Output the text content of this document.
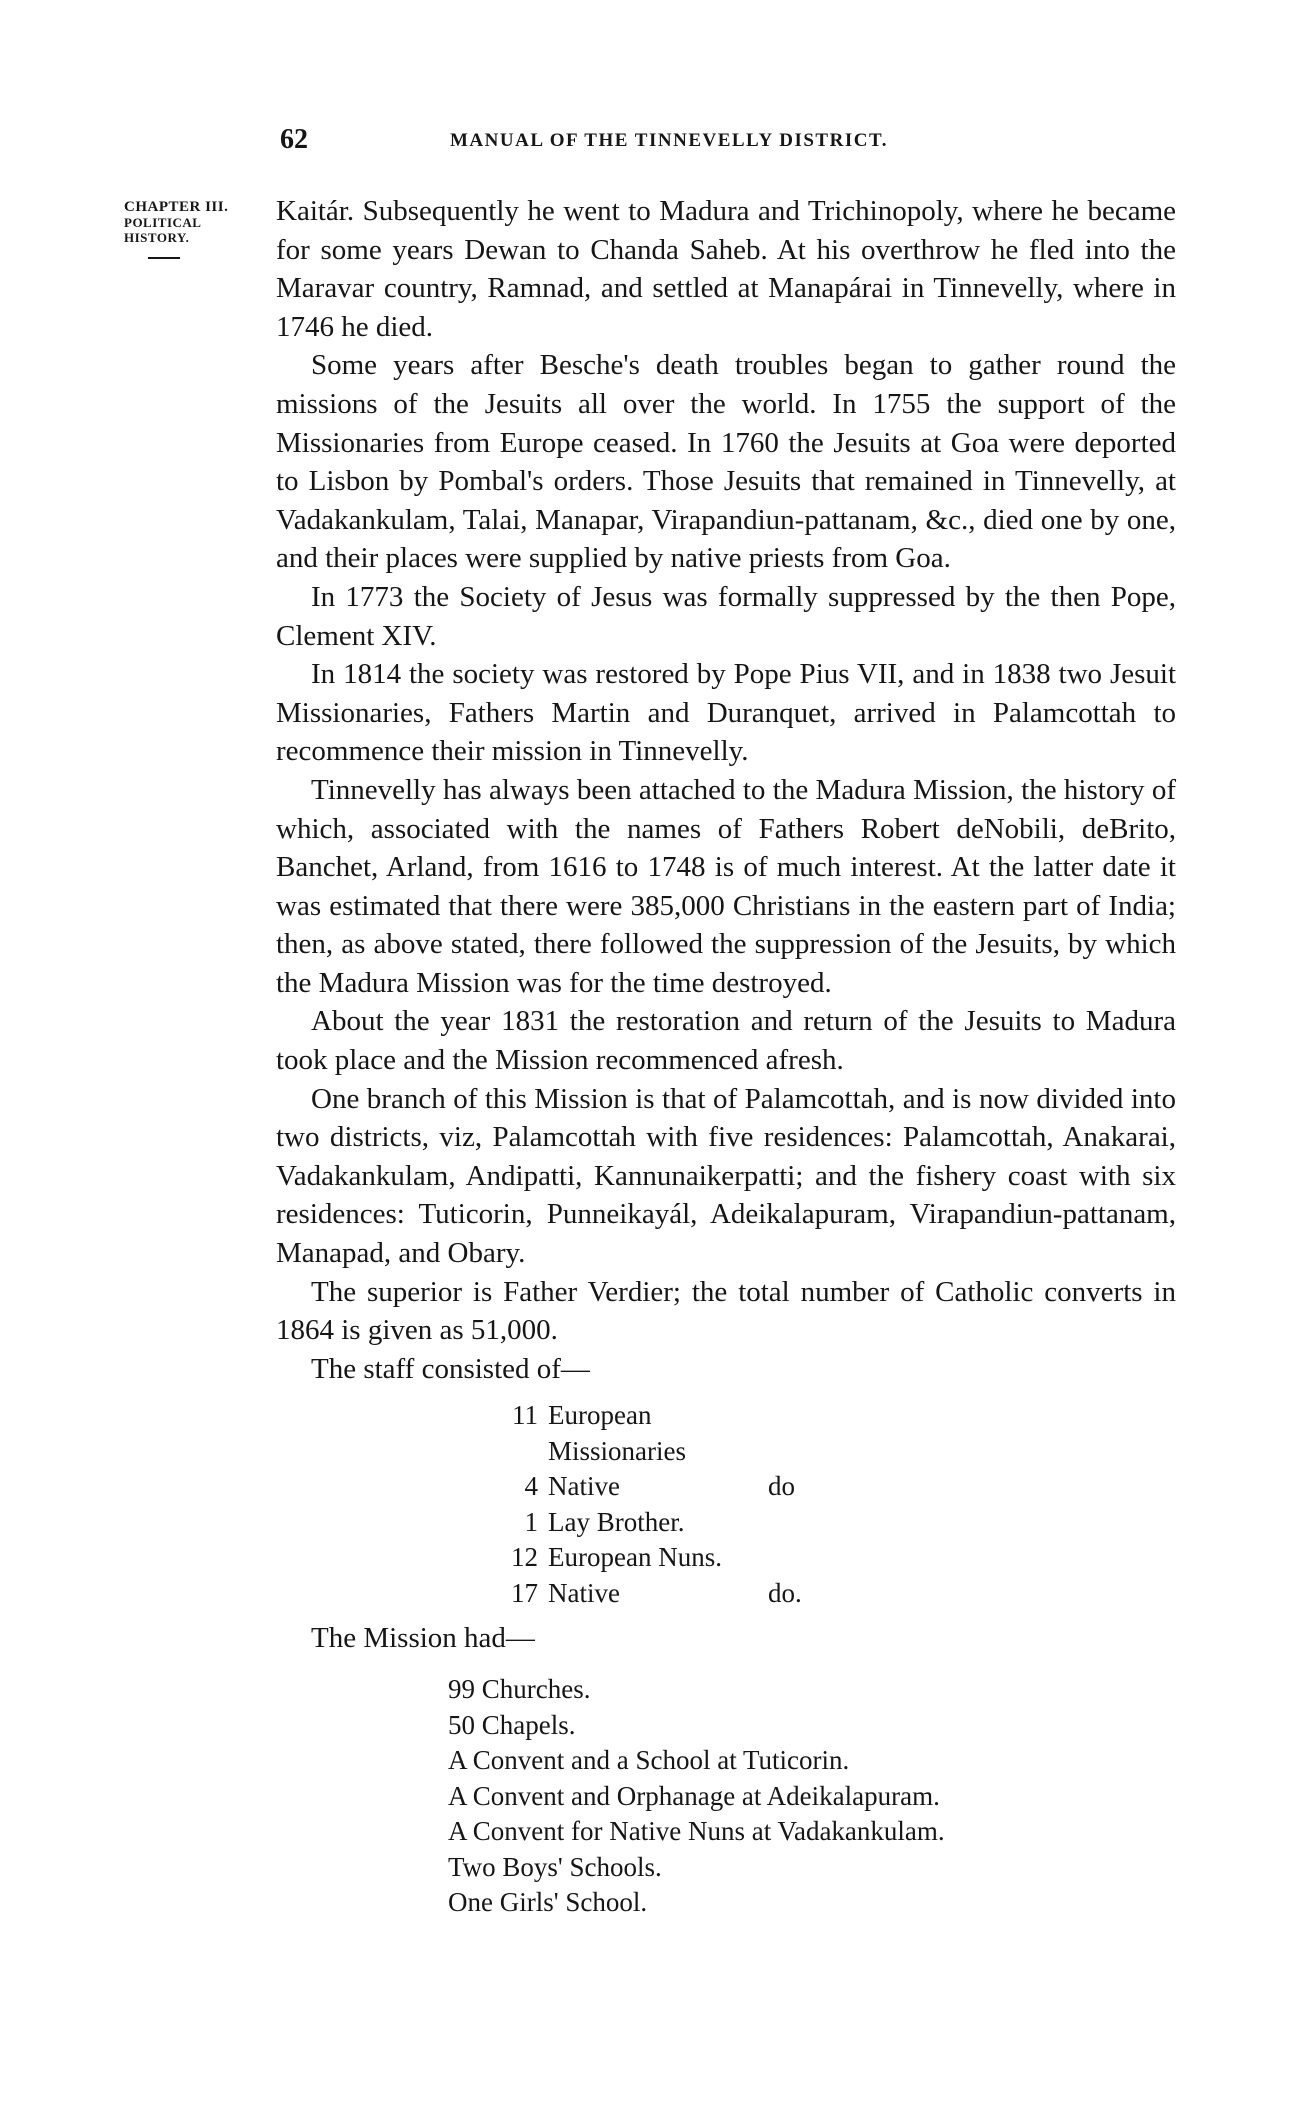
62	MANUAL OF THE TINNEVELLY DISTRICT.
CHAPTER III.
POLITICAL
HISTORY.

Kaitár. Subsequently he went to Madura and Trichinopoly, where he became for some years Dewan to Chanda Saheb. At his overthrow he fled into the Maravar country, Ramnad, and settled at Manapárai in Tinnevelly, where in 1746 he died.

Some years after Besche's death troubles began to gather round the missions of the Jesuits all over the world. In 1755 the support of the Missionaries from Europe ceased. In 1760 the Jesuits at Goa were deported to Lisbon by Pombal's orders. Those Jesuits that remained in Tinnevelly, at Vadakankulam, Talai, Manapar, Virapandiun-pattanam, &c., died one by one, and their places were supplied by native priests from Goa.

In 1773 the Society of Jesus was formally suppressed by the then Pope, Clement XIV.

In 1814 the society was restored by Pope Pius VII, and in 1838 two Jesuit Missionaries, Fathers Martin and Duranquet, arrived in Palamcottah to recommence their mission in Tinnevelly.

Tinnevelly has always been attached to the Madura Mission, the history of which, associated with the names of Fathers Robert deNobili, deBrito, Banchet, Arland, from 1616 to 1748 is of much interest. At the latter date it was estimated that there were 385,000 Christians in the eastern part of India; then, as above stated, there followed the suppression of the Jesuits, by which the Madura Mission was for the time destroyed.

About the year 1831 the restoration and return of the Jesuits to Madura took place and the Mission recommenced afresh.

One branch of this Mission is that of Palamcottah, and is now divided into two districts, viz, Palamcottah with five residences: Palamcottah, Anakarai, Vadakankulam, Andipatti, Kannunaikerpatti; and the fishery coast with six residences: Tuticorin, Punneikayál, Adeikalapuram, Virapandiun-pattanam, Manapad, and Obary.

The superior is Father Verdier; the total number of Catholic converts in 1864 is given as 51,000.

The staff consisted of—

11 European Missionaries
4 Native	do
1 Lay Brother.
12 European Nuns.
17 Native	do.

The Mission had—

99 Churches.
50 Chapels.
A Convent and a School at Tuticorin.
A Convent and Orphanage at Adeikalapuram.
A Convent for Native Nuns at Vadakankulam.
Two Boys' Schools.
One Girls' School.
